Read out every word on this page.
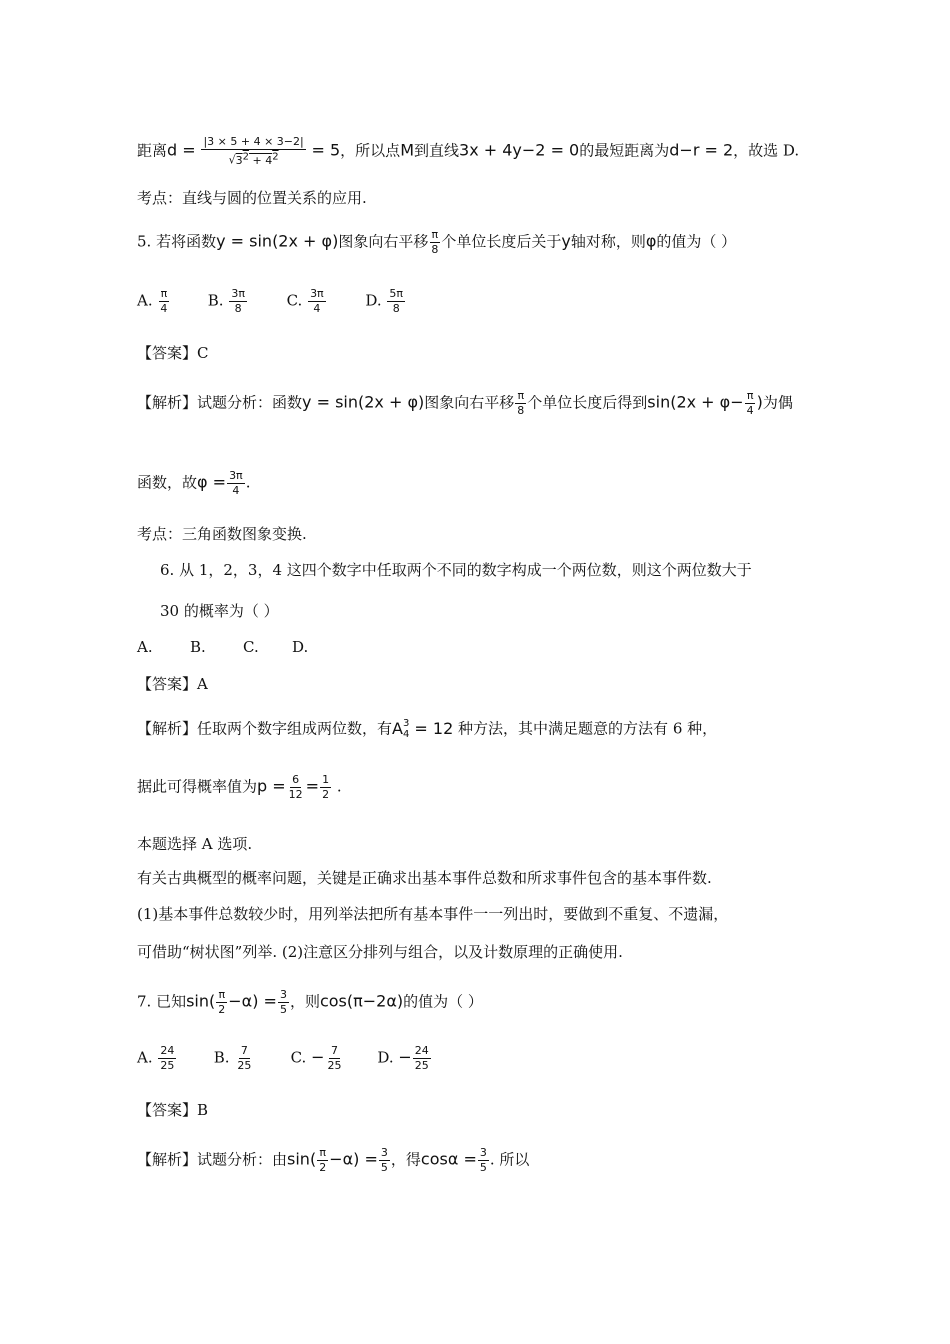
距离$d = \frac{|3 \times 5 + 4 \times 3-2|}{√32 + 42} = 5$，所以点M到直线3x + 4y−2 = 0的最短距离为d−r = 2，故选 D.
考点：直线与圆的位置关系的应用.
5. 若将函数y = sin(2x + φ)图象向右平移 $\frac{\pi}{8}$ 个单位长度后关于y轴对称，则φ的值为（ ）
A. $\frac{\pi}{4}$	B. $\frac{3\pi}{8}$	C. $\frac{3\pi}{4}$	D. $\frac{5\pi}{8}$
【答案】C
【解析】试题分析：函数y = sin(2x + φ)图象向右平移 $\frac{\pi}{8}$ 个单位长度后得到$\sin(2x + \varphi- \frac{\pi}{4}$ )为偶
函数，故$\varphi = \frac{3\pi}{4}$ .
考点：三角函数图象变换.
6. 从 1，2，3，4 这四个数字中任取两个不同的数字构成一个两位数，则这个两位数大于
30 的概率为（ ）
A. B. C. D.
【答案】A
【解析】任取两个数字组成两位数，有A 3
4 = 12 种方法，其中满足题意的方法有 6 种，
据此可得概率值为$p = \frac{6}{12} = \frac{1}{2}$ .
本题选择 A 选项.
有关古典概型的概率问题，关键是正确求出基本事件总数和所求事件包含的基本事件数.
(1)基本事件总数较少时，用列举法把所有基本事件一一列出时，要做到不重复、不遗漏，
可借助“树状图”列举. (2)注意区分排列与组合，以及计数原理的正确使用.
7. 已知$\sin( \frac{\pi}{2} -\alpha) = \frac{3}{5}$ ，则cos(π−2α)的值为（ ）
A. $\frac{24}{25} B$. $\frac{7}{25} C$. − $\frac{7}{25} D$. − $\frac{24}{25}$
【答案】B
【解析】试题分析：由$\sin( \frac{\pi}{2} -\alpha) = \frac{3}{5}$ ，得$\cos\alpha = \frac{3}{5}$ . 所以
